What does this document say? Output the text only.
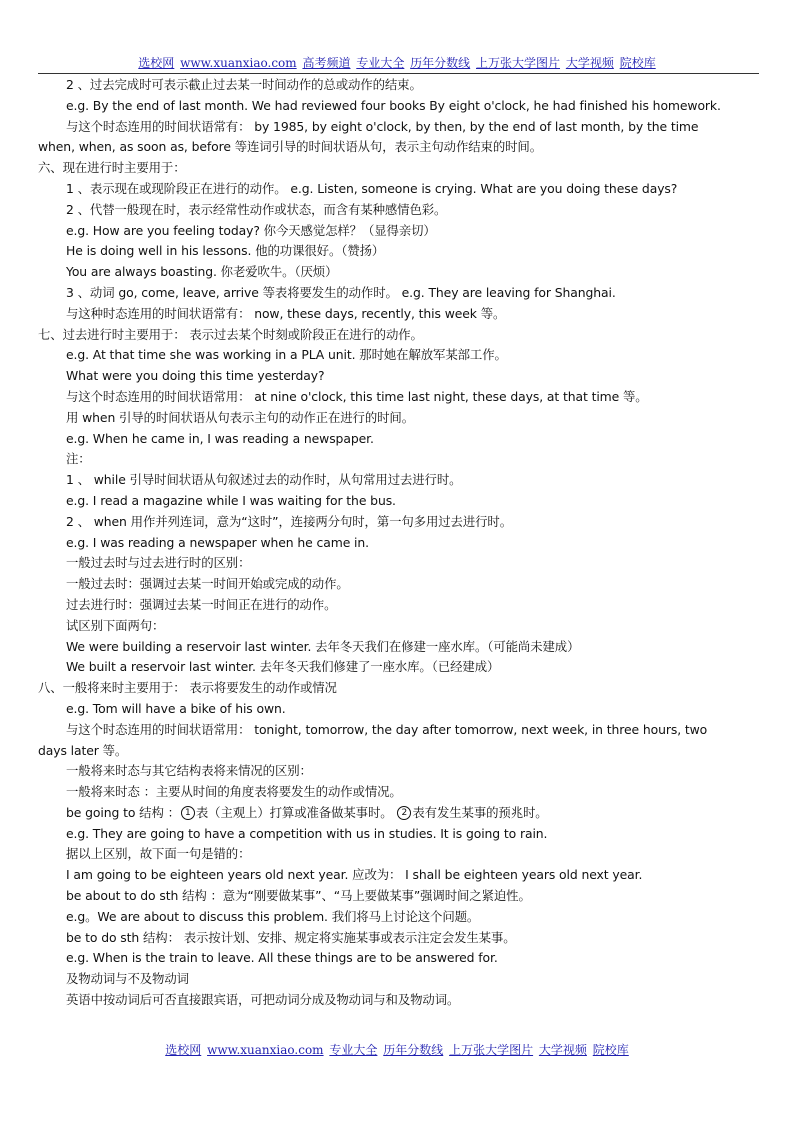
选校网 www.xuanxiao.com 高考频道 专业大全 历年分数线 上万张大学图片 大学视频 院校库
2 、过去完成时可表示截止过去某一时间动作的总或动作的结束。
e.g. By the end of last month. We had reviewed four books By eight o'clock, he had finished his homework.
与这个时态连用的时间状语常有： by 1985, by eight o'clock, by then, by the end of last month, by the time
when, when, as soon as, before 等连词引导的时间状语从句，表示主句动作结束的时间。
六、现在进行时主要用于：
1 、表示现在或现阶段正在进行的动作。 e.g. Listen, someone is crying. What are you doing these days?
2 、代替一般现在时，表示经常性动作或状态，而含有某种感情色彩。
e.g. How are you feeling today? 你今天感觉怎样？（显得亲切）
He is doing well in his lessons. 他的功课很好。（赞扬）
You are always boasting. 你老爱吹牛。（厌烦）
3 、动词 go, come, leave, arrive 等表将要发生的动作时。 e.g. They are leaving for Shanghai.
与这种时态连用的时间状语常有： now, these days, recently, this week 等。
七、过去进行时主要用于： 表示过去某个时刻或阶段正在进行的动作。
e.g. At that time she was working in a PLA unit. 那时她在解放军某部工作。
What were you doing this time yesterday?
与这个时态连用的时间状语常用： at nine o'clock, this time last night, these days, at that time 等。
用 when 引导的时间状语从句表示主句的动作正在进行的时间。
e.g. When he came in, I was reading a newspaper.
注：
1 、 while 引导时间状语从句叙述过去的动作时，从句常用过去进行时。
e.g. I read a magazine while I was waiting for the bus.
2 、 when 用作并列连词，意为“这时”，连接两分句时，第一句多用过去进行时。
e.g. I was reading a newspaper when he came in.
一般过去时与过去进行时的区别：
一般过去时：强调过去某一时间开始或完成的动作。
过去进行时：强调过去某一时间正在进行的动作。
试区别下面两句：
We were building a reservoir last winter. 去年冬天我们在修建一座水库。（可能尚未建成）
We built a reservoir last winter. 去年冬天我们修建了一座水库。（已经建成）
八、一般将来时主要用于： 表示将要发生的动作或情况
e.g. Tom will have a bike of his own.
与这个时态连用的时间状语常用： tonight, tomorrow, the day after tomorrow, next week, in three hours, two
days later 等。
一般将来时态与其它结构表将来情况的区别：
一般将来时态 ：主要从时间的角度表将要发生的动作或情况。
be going to 结构 ： 1 表（主观上）打算或准备做某事时。 2 表有发生某事的预兆时。
e.g. They are going to have a competition with us in studies. It is going to rain.
据以上区别，故下面一句是错的：
I am going to be eighteen years old next year. 应改为： I shall be eighteen years old next year.
be about to do sth 结构 ：意为“刚要做某事”、“马上要做某事”强调时间之紧迫性。
e.g。We are about to discuss this problem. 我们将马上讨论这个问题。
be to do sth 结构： 表示按计划、安排、规定将实施某事或表示注定会发生某事。
e.g. When is the train to leave. All these things are to be answered for.
及物动词与不及物动词
英语中按动词后可否直接跟宾语，可把动词分成及物动词与和及物动词。
选校网 www.xuanxiao.com 专业大全 历年分数线 上万张大学图片 大学视频 院校库
